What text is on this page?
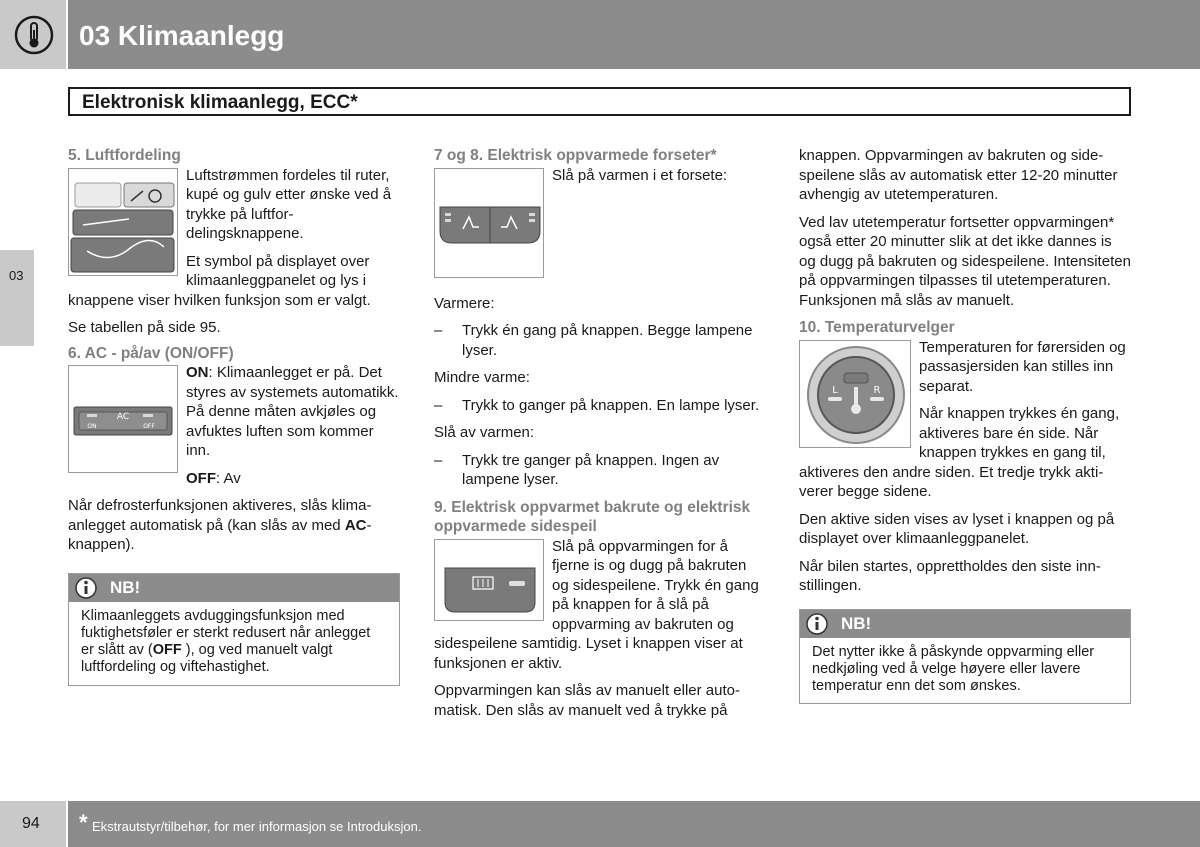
03 Klimaanlegg
Elektronisk klimaanlegg, ECC*
03
5. Luftfordeling

Luftstrømmen fordeles til ruter, kupé og gulv etter ønske ved å trykke på luftfordelingsknappene.

Et symbol på displayet over klimaanleggpanelet og lys i

knappene viser hvilken funksjon som er valgt.

Se tabellen på side 95.

6. AC - på/av (ON/OFF)
AC
ON	OFF

ON: Klimaanlegget er på. Det styres av systemets automatikk. På denne måten avkjøles og avfuktes luften som kommer inn.

OFF: Av

Når defrosterfunksjonen aktiveres, slås klimaanlegget automatisk på (kan slås av med AC-knappen).

NB!
Klimaanleggets avduggingsfunksjon med fuktighetsføler er sterkt redusert når anlegget er slått av (OFF ), og ved manuelt valgt luftfordeling og viftehastighet.
7 og 8. Elektrisk oppvarmede forseter*

Slå på varmen i et forsete:

Varmere:

–	Trykk én gang på knappen. Begge lampene lyser.

Mindre varme:

–	Trykk to ganger på knappen. En lampe lyser.

Slå av varmen:

–	Trykk tre ganger på knappen. Ingen av lampene lyser.
9. Elektrisk oppvarmet bakrute og elektrisk oppvarmede sidespeil

Slå på oppvarmingen for å fjerne is og dugg på bakruten og sidespeilene. Trykk én gang på knappen for å slå på oppvarming av bakruten og sidespeilene samtidig. Lyset i knappen viser at funksjonen er aktiv.

Oppvarmingen kan slås av manuelt eller automatisk. Den slås av manuelt ved å trykke på

knappen. Oppvarmingen av bakruten og sidespeilene slås av automatisk etter 12-20 minutter avhengig av utetemperaturen.

Ved lav utetemperatur fortsetter oppvarmingen* også etter 20 minutter slik at det ikke dannes is og dugg på bakruten og sidespeilene. Intensiteten på oppvarmingen tilpasses til utetemperaturen. Funksjonen må slås av manuelt.

10. Temperaturvelger
L	R

Temperaturen for førersiden og passasjersiden kan stilles inn separat.

Når knappen trykkes én gang, aktiveres bare én side. Når knappen trykkes en gang til, aktiveres den andre siden. Et tredje trykk aktiverer begge sidene.

Den aktive siden vises av lyset i knappen og på displayet over klimaanleggpanelet.

Når bilen startes, opprettholdes den siste innstillingen.

NB!
Det nytter ikke å påskynde oppvarming eller nedkjøling ved å velge høyere eller lavere temperatur enn det som ønskes.
94 * Ekstrautstyr/tilbehør, for mer informasjon se Introduksjon.
